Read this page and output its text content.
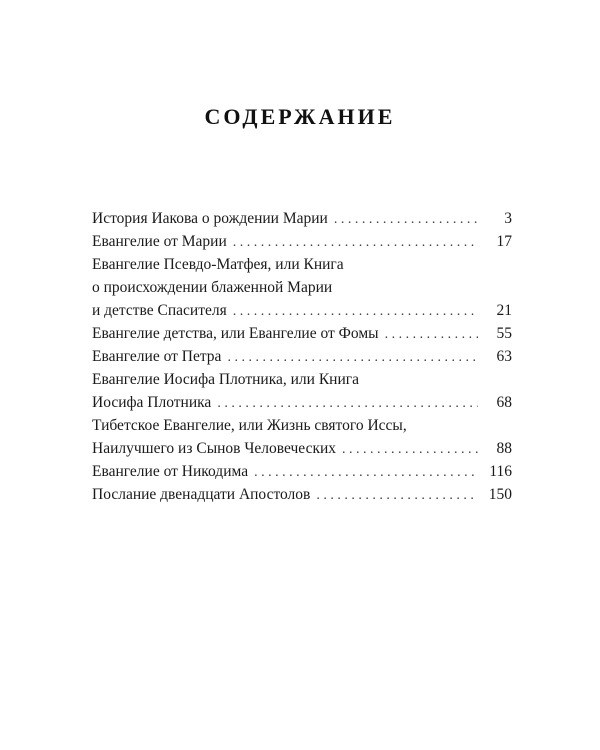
СОДЕРЖАНИЕ
История Иакова о рождении Марии . . .	3
Евангелие от Марии . . .	17
Евангелие Псевдо-Матфея, или Книга
о происхождении блаженной Марии
и детстве Спасителя . . .	21
Евангелие детства, или Евангелие от Фомы . . .	55
Евангелие от Петра . . .	63
Евангелие Иосифа Плотника, или Книга
Иосифа Плотника . . .	68
Тибетское Евангелие, или Жизнь святого Иссы,
Наилучшего из Сынов Человеческих . . .	88
Евангелие от Никодима . . .	116
Послание двенадцати Апостолов . . .	150
